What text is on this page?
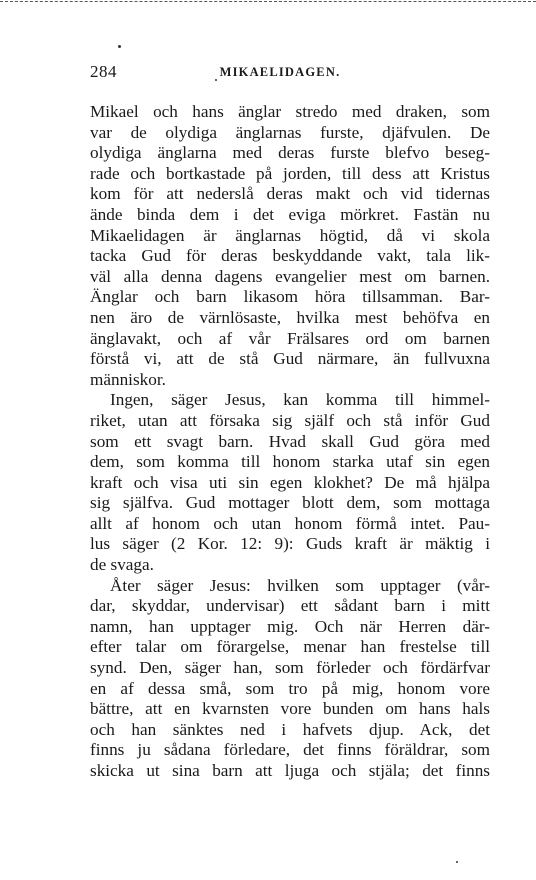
284	MIKAELIDAGEN.
Mikael och hans änglar stredo med draken, som
var de olydiga änglarnas furste, djäfvulen. De
olydiga änglarna med deras furste blefvo beseg-
rade och bortkastade på jorden, till dess att Kristus
kom för att nederslå deras makt och vid tidernas
ände binda dem i det eviga mörkret. Fastän nu
Mikaelidagen är änglarnas högtid, då vi skola
tacka Gud för deras beskyddande vakt, tala lik-
väl alla denna dagens evangelier mest om barnen.
Änglar och barn likasom höra tillsamman. Bar-
nen äro de värnlösaste, hvilka mest behöfva en
änglavakt, och af vår Frälsares ord om barnen
förstå vi, att de stå Gud närmare, än fullvuxna
människor.
Ingen, säger Jesus, kan komma till himmel-
riket, utan att försaka sig själf och stå inför Gud
som ett svagt barn. Hvad skall Gud göra med
dem, som komma till honom starka utaf sin egen
kraft och visa uti sin egen klokhet? De må hjälpa
sig själfva. Gud mottager blott dem, som mottaga
allt af honom och utan honom förmå intet. Pau-
lus säger (2 Kor. 12: 9): Guds kraft är mäktig i
de svaga.
Åter säger Jesus: hvilken som upptager (vår-
dar, skyddar, undervisar) ett sådant barn i mitt
namn, han upptager mig. Och när Herren där-
efter talar om förargelse, menar han frestelse till
synd. Den, säger han, som förleder och fördärfvar
en af dessa små, som tro på mig, honom vore
bättre, att en kvarnsten vore bunden om hans hals
och han sänktes ned i hafvets djup. Ack, det
finns ju sådana förledare, det finns föräldrar, som
skicka ut sina barn att ljuga och stjäla; det finns
